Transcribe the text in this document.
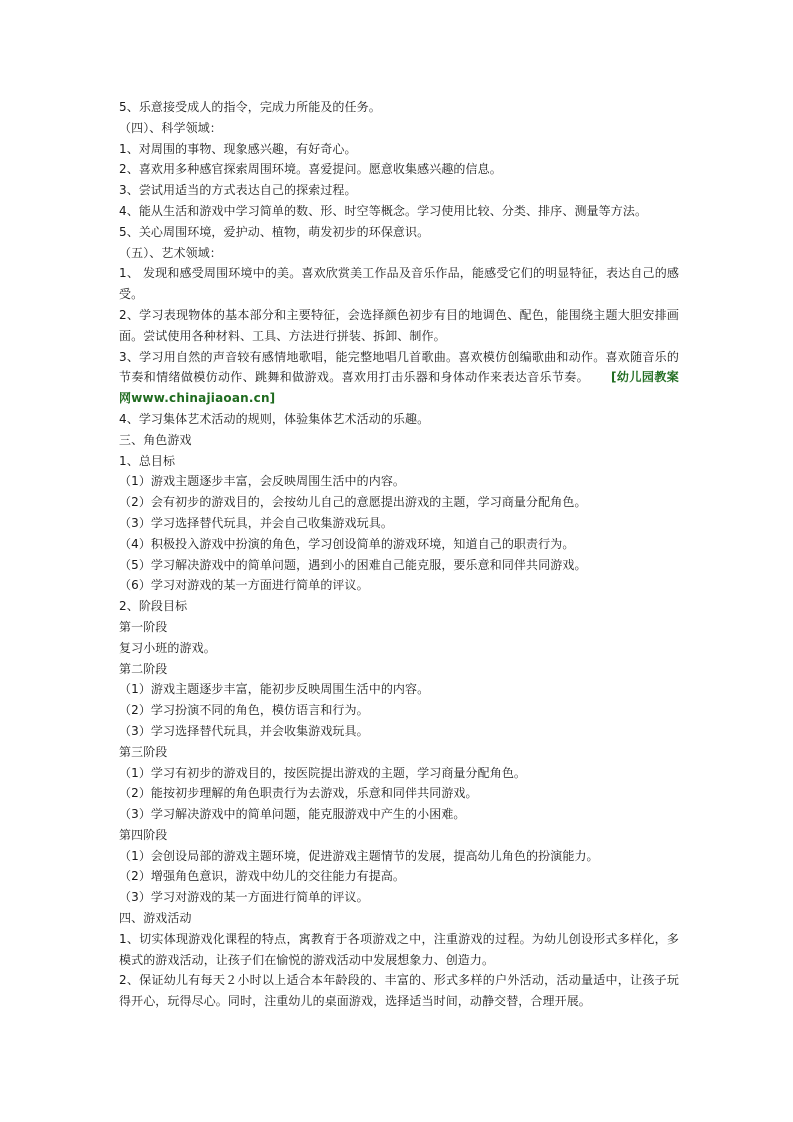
5、乐意接受成人的指令，完成力所能及的任务。
（四）、科学领域：
1、对周围的事物、现象感兴趣，有好奇心。
2、喜欢用多种感官探索周围环境。喜爱提问。愿意收集感兴趣的信息。
3、尝试用适当的方式表达自己的探索过程。
4、能从生活和游戏中学习简单的数、形、时空等概念。学习使用比较、分类、排序、测量等方法。
5、关心周围环境，爱护动、植物，萌发初步的环保意识。
（五）、艺术领域：
1、 发现和感受周围环境中的美。喜欢欣赏美工作品及音乐作品，能感受它们的明显特征，表达自己的感受。
2、学习表现物体的基本部分和主要特征，会选择颜色初步有目的地调色、配色，能围绕主题大胆安排画面。尝试使用各种材料、工具、方法进行拼装、拆卸、制作。
3、学习用自然的声音较有感情地歌唱，能完整地唱几首歌曲。喜欢模仿创编歌曲和动作。喜欢随音乐的节奏和情绪做模仿动作、跳舞和做游戏。喜欢用打击乐器和身体动作来表达音乐节奏。 [幼儿园教案网www.chinajiaoan.cn]
4、学习集体艺术活动的规则，体验集体艺术活动的乐趣。
三、角色游戏
1、总目标
（1）游戏主题逐步丰富，会反映周围生活中的内容。
（2）会有初步的游戏目的，会按幼儿自己的意愿提出游戏的主题，学习商量分配角色。
（3）学习选择替代玩具，并会自己收集游戏玩具。
（4）积极投入游戏中扮演的角色，学习创设简单的游戏环境，知道自己的职责行为。
（5）学习解决游戏中的简单问题，遇到小的困难自己能克服，要乐意和同伴共同游戏。
（6）学习对游戏的某一方面进行简单的评议。
2、阶段目标
第一阶段
复习小班的游戏。
第二阶段
（1）游戏主题逐步丰富，能初步反映周围生活中的内容。
（2）学习扮演不同的角色，模仿语言和行为。
（3）学习选择替代玩具，并会收集游戏玩具。
第三阶段
（1）学习有初步的游戏目的，按医院提出游戏的主题，学习商量分配角色。
（2）能按初步理解的角色职责行为去游戏，乐意和同伴共同游戏。
（3）学习解决游戏中的简单问题，能克服游戏中产生的小困难。
第四阶段
（1）会创设局部的游戏主题环境，促进游戏主题情节的发展，提高幼儿角色的扮演能力。
（2）增强角色意识，游戏中幼儿的交往能力有提高。
（3）学习对游戏的某一方面进行简单的评议。
四、游戏活动
1、切实体现游戏化课程的特点，寓教育于各项游戏之中，注重游戏的过程。为幼儿创设形式多样化，多模式的游戏活动，让孩子们在愉悦的游戏活动中发展想象力、创造力。
2、保证幼儿有每天２小时以上适合本年龄段的、丰富的、形式多样的户外活动，活动量适中，让孩子玩得开心，玩得尽心。同时，注重幼儿的桌面游戏，选择适当时间，动静交替，合理开展。
